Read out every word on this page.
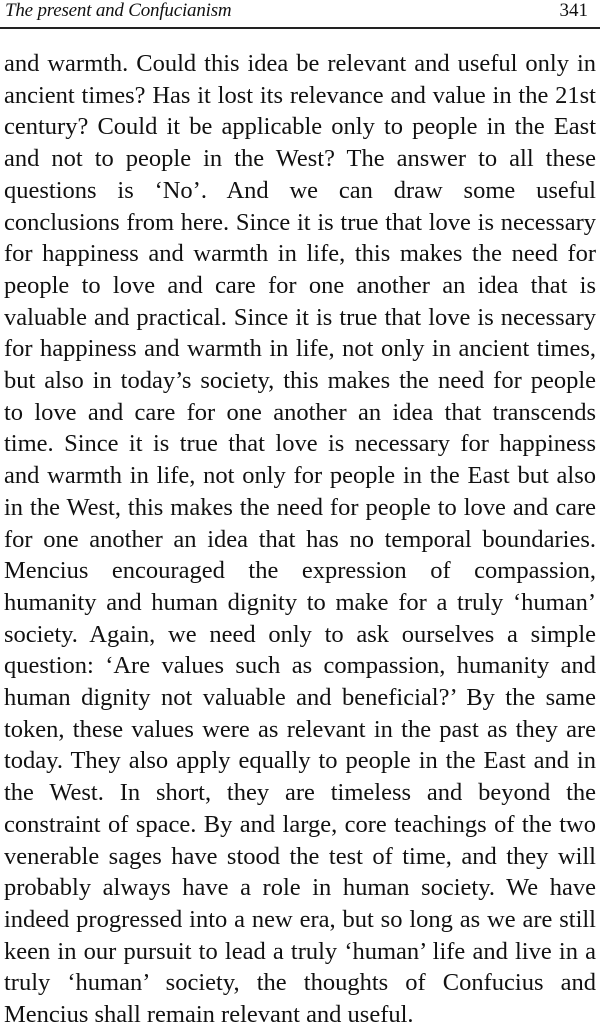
The present and Confucianism	341

and warmth. Could this idea be relevant and useful only in
ancient times? Has it lost its relevance and value in the 21st
century? Could it be applicable only to people in the East
and not to people in the West? The answer to all these
questions is ‘No’. And we can draw some useful
conclusions from here. Since it is true that love is necessary
for happiness and warmth in life, this makes the need for
people to love and care for one another an idea that is
valuable and practical. Since it is true that love is necessary
for happiness and warmth in life, not only in ancient times,
but also in today’s society, this makes the need for people
to love and care for one another an idea that transcends
time. Since it is true that love is necessary for happiness
and warmth in life, not only for people in the East but also
in the West, this makes the need for people to love and care
for one another an idea that has no temporal boundaries.
Mencius encouraged the expression of compassion,
humanity and human dignity to make for a truly ‘human’
society. Again, we need only to ask ourselves a simple
question: ‘Are values such as compassion, humanity and
human dignity not valuable and beneficial?’ By the same
token, these values were as relevant in the past as they are
today. They also apply equally to people in the East and in
the West. In short, they are timeless and beyond the
constraint of space. By and large, core teachings of the two
venerable sages have stood the test of time, and they will
probably always have a role in human society. We have
indeed progressed into a new era, but so long as we are still
keen in our pursuit to lead a truly ‘human’ life and live in a
truly ‘human’ society, the thoughts of Confucius and
Mencius shall remain relevant and useful.
